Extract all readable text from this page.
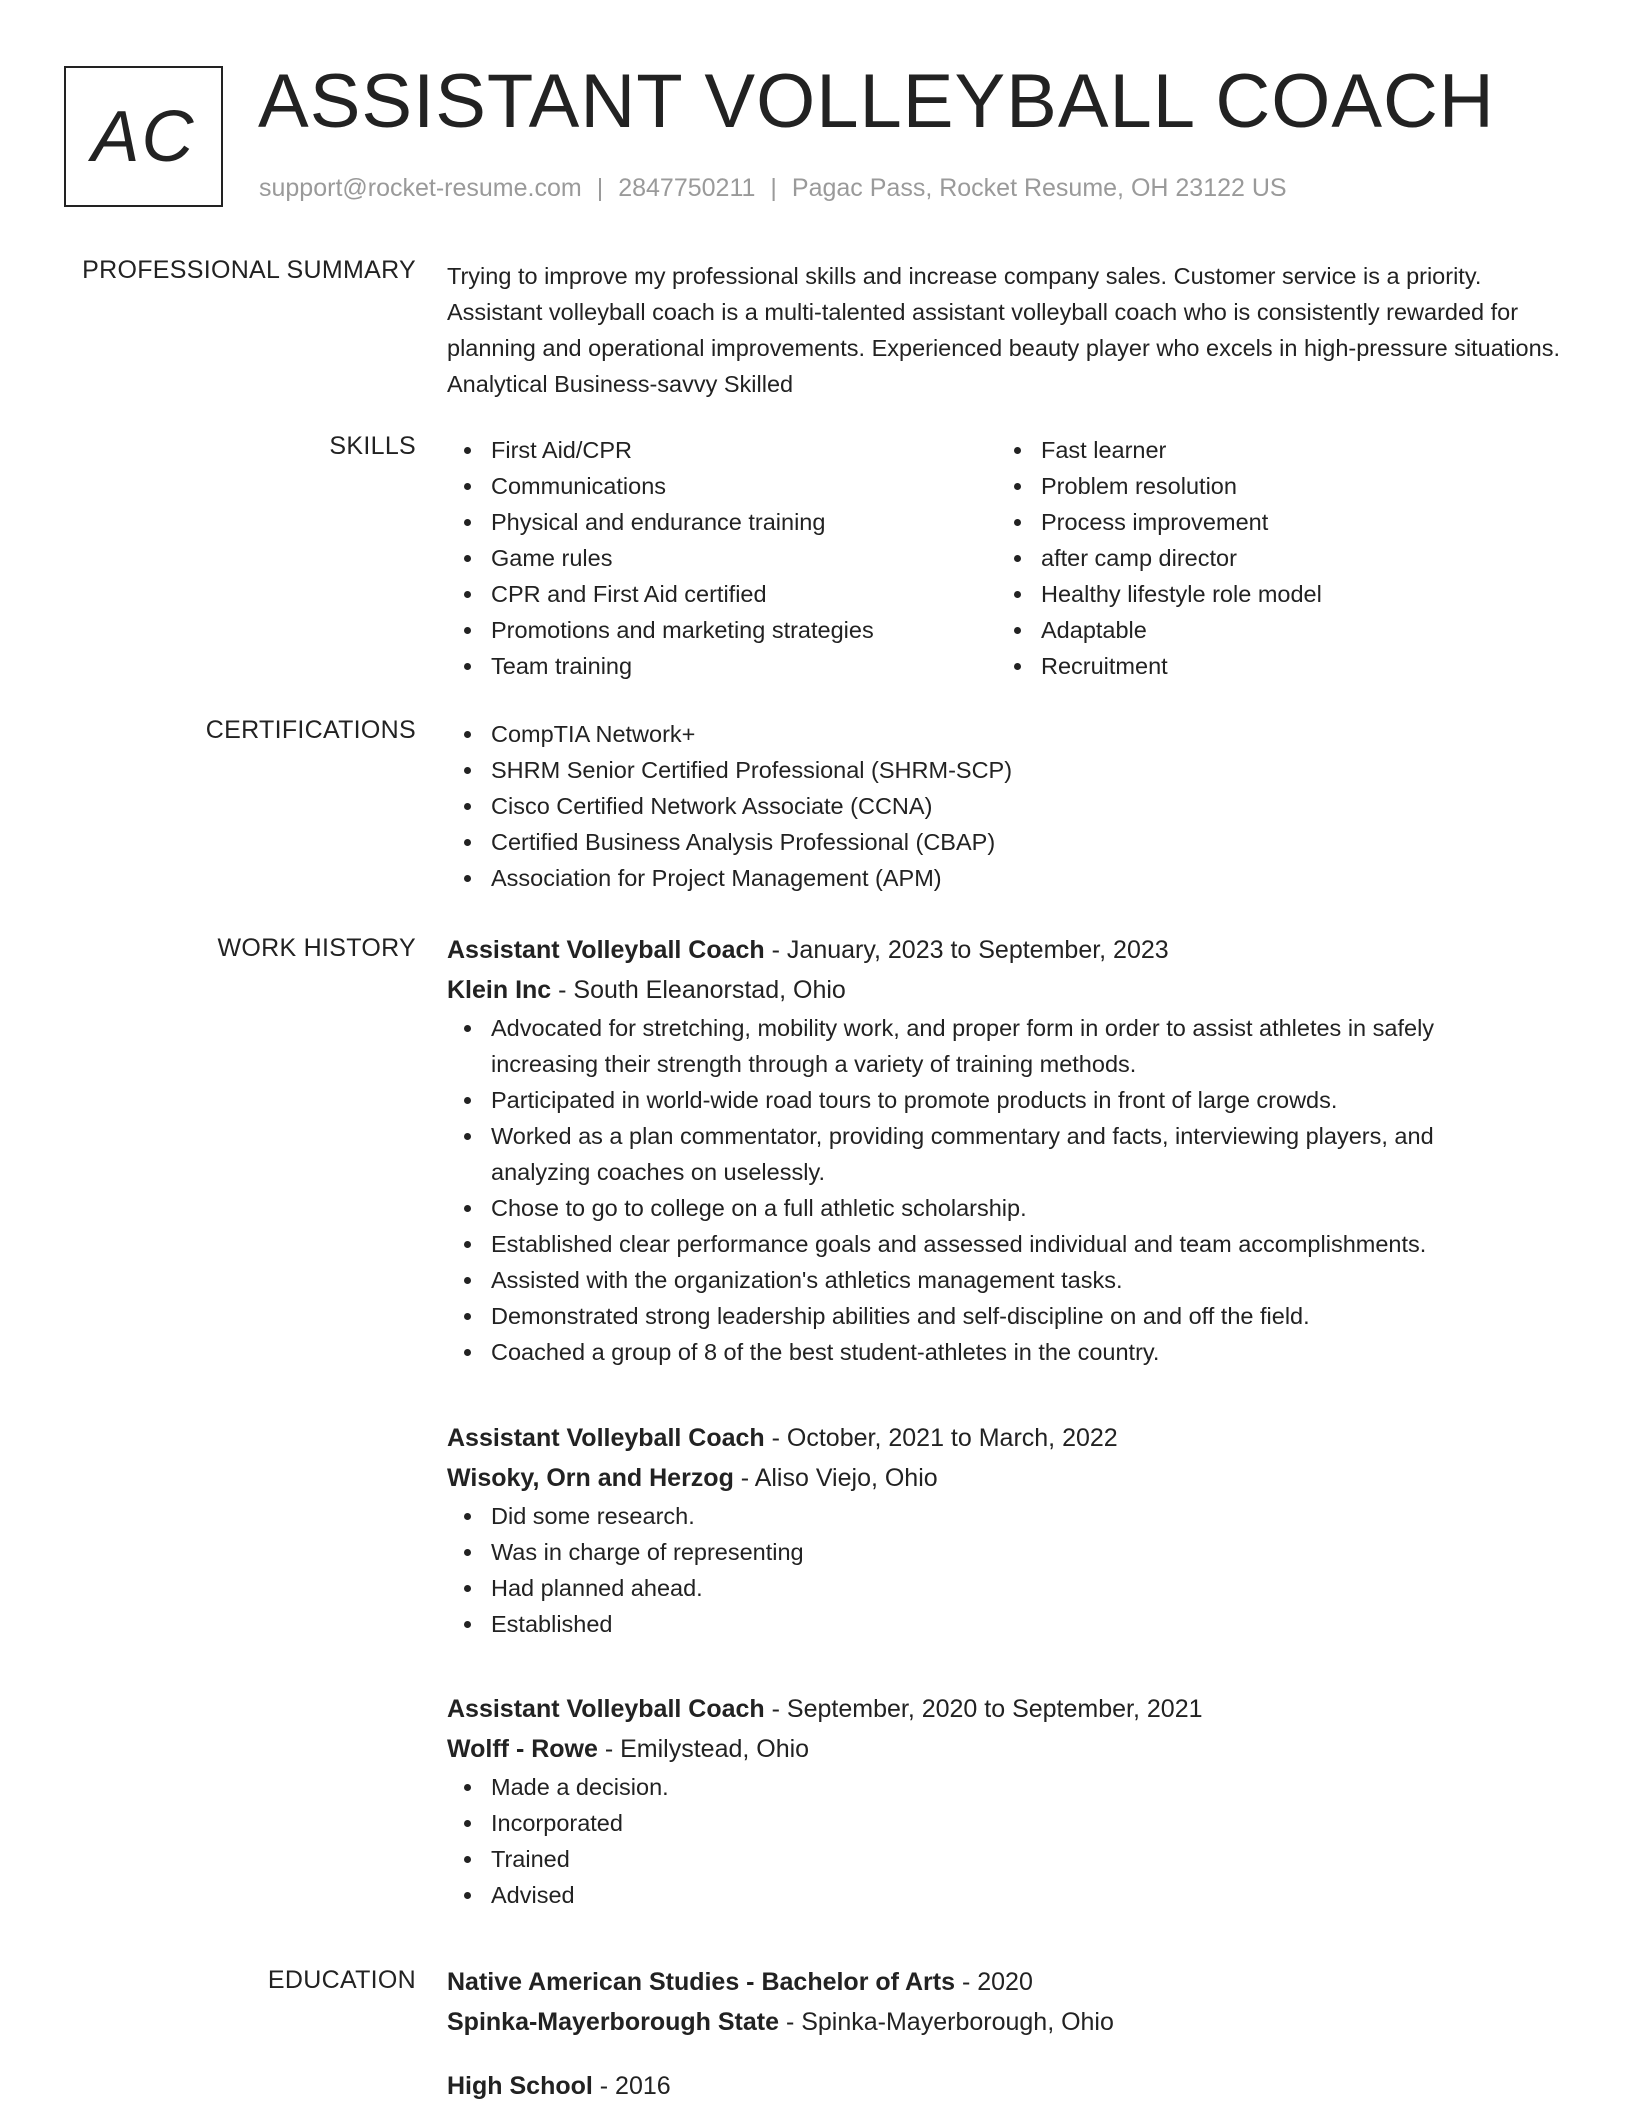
AC ASSISTANT VOLLEYBALL COACH
support@rocket-resume.com | 2847750211 | Pagac Pass, Rocket Resume, OH 23122 US
PROFESSIONAL SUMMARY Trying to improve my professional skills and increase company sales. Customer service is a priority. Assistant volleyball coach is a multi-talented assistant volleyball coach who is consistently rewarded for planning and operational improvements. Experienced beauty player who excels in high-pressure situations. Analytical Business-savvy Skilled
SKILLS	First Aid/CPR
Communications
Physical and endurance training
Game rules
CPR and First Aid certified
Promotions and marketing strategies
Team training
Fast learner
Problem resolution
Process improvement
after camp director
Healthy lifestyle role model
Adaptable
Recruitment
CERTIFICATIONS	CompTIA Network+
SHRM Senior Certified Professional (SHRM-SCP)
Cisco Certified Network Associate (CCNA)
Certified Business Analysis Professional (CBAP)
Association for Project Management (APM)
WORK HISTORY Assistant Volleyball Coach - January, 2023 to September, 2023
Klein Inc - South Eleanorstad, Ohio
Advocated for stretching, mobility work, and proper form in order to assist athletes in safely increasing their strength through a variety of training methods.
Participated in world-wide road tours to promote products in front of large crowds.
Worked as a plan commentator, providing commentary and facts, interviewing players, and analyzing coaches on uselessly.
Chose to go to college on a full athletic scholarship.
Established clear performance goals and assessed individual and team accomplishments.
Assisted with the organization's athletics management tasks.
Demonstrated strong leadership abilities and self-discipline on and off the field.
Coached a group of 8 of the best student-athletes in the country.
Assistant Volleyball Coach - October, 2021 to March, 2022
Wisoky, Orn and Herzog - Aliso Viejo, Ohio
Did some research.
Was in charge of representing
Had planned ahead.
Established
Assistant Volleyball Coach - September, 2020 to September, 2021
Wolff - Rowe - Emilystead, Ohio
Made a decision.
Incorporated
Trained
Advised
EDUCATION Native American Studies - Bachelor of Arts - 2020
Spinka-Mayerborough State - Spinka-Mayerborough, Ohio
High School - 2016
